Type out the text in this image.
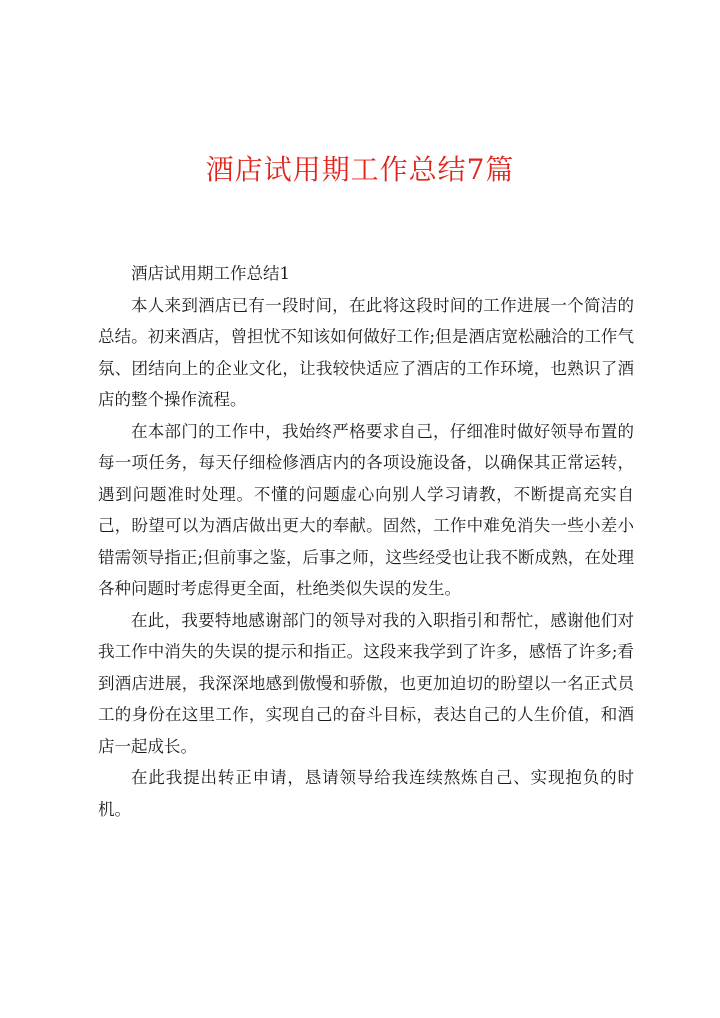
酒店试用期工作总结7篇

酒店试用期工作总结1

本人来到酒店已有一段时间，在此将这段时间的工作进展一个简洁的总结。初来酒店，曾担忧不知该如何做好工作;但是酒店宽松融洽的工作气氛、团结向上的企业文化，让我较快适应了酒店的工作环境，也熟识了酒店的整个操作流程。

在本部门的工作中，我始终严格要求自己，仔细准时做好领导布置的每一项任务，每天仔细检修酒店内的各项设施设备，以确保其正常运转，遇到问题准时处理。不懂的问题虚心向别人学习请教，不断提高充实自己，盼望可以为酒店做出更大的奉献。固然，工作中难免消失一些小差小错需领导指正;但前事之鉴，后事之师，这些经受也让我不断成熟，在处理各种问题时考虑得更全面，杜绝类似失误的发生。

在此，我要特地感谢部门的领导对我的入职指引和帮忙，感谢他们对我工作中消失的失误的提示和指正。这段来我学到了许多，感悟了许多;看到酒店进展，我深深地感到傲慢和骄傲，也更加迫切的盼望以一名正式员工的身份在这里工作，实现自己的奋斗目标，表达自己的人生价值，和酒店一起成长。

在此我提出转正申请，恳请领导给我连续熬炼自己、实现抱负的时机。
